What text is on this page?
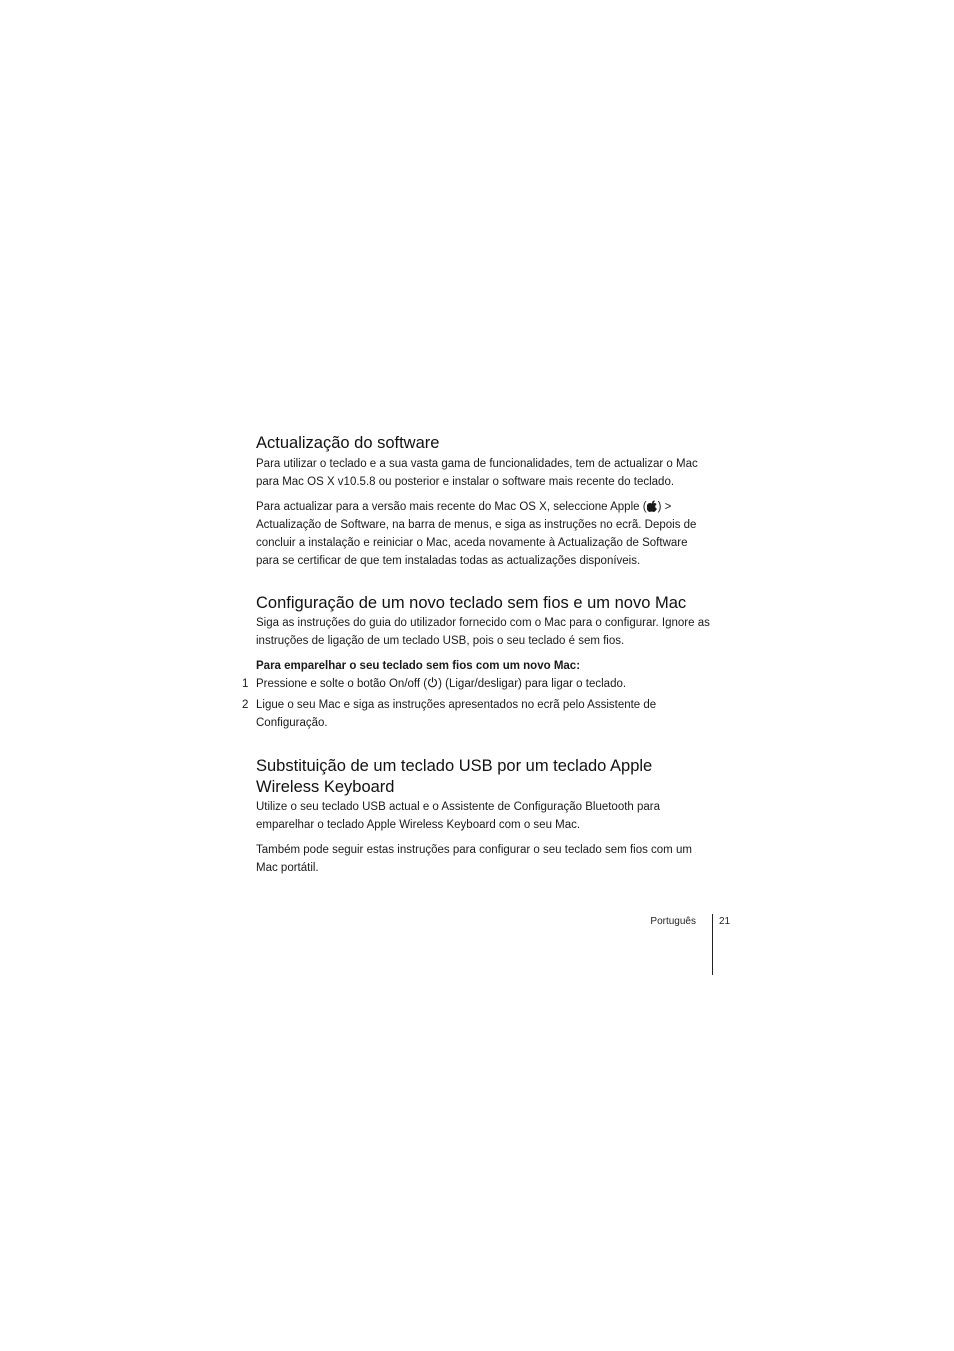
Actualização do software

Para utilizar o teclado e a sua vasta gama de funcionalidades, tem de actualizar o Mac para Mac OS X v10.5.8 ou posterior e instalar o software mais recente do teclado.

Para actualizar para a versão mais recente do Mac OS X, seleccione Apple ( ) > Actualização de Software, na barra de menus, e siga as instruções no ecrã. Depois de concluir a instalação e reiniciar o Mac, aceda novamente à Actualização de Software para se certificar de que tem instaladas todas as actualizações disponíveis.

Configuração de um novo teclado sem fios e um novo Mac

Siga as instruções do guia do utilizador fornecido com o Mac para o configurar. Ignore as instruções de ligação de um teclado USB, pois o seu teclado é sem fios.

Para emparelhar o seu teclado sem fios com um novo Mac:

1 Pressione e solte o botão On/off ( ) (Ligar/desligar) para ligar o teclado.
2 Ligue o seu Mac e siga as instruções apresentados no ecrã pelo Assistente de Configuração.
Substituição de um teclado USB por um teclado Apple Wireless Keyboard

Utilize o seu teclado USB actual e o Assistente de Configuração Bluetooth para emparelhar o teclado Apple Wireless Keyboard com o seu Mac.

Também pode seguir estas instruções para configurar o seu teclado sem fios com um Mac portátil.

Português 21
